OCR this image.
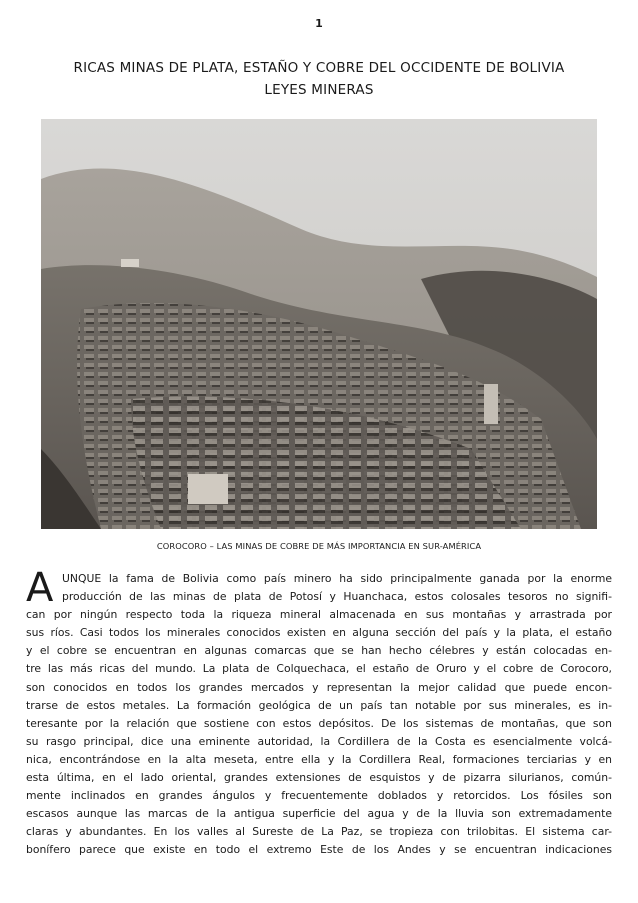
1
RICAS MINAS DE PLATA, ESTAÑO Y COBRE DEL OCCIDENTE DE BOLIVIA
LEYES MINERAS
COROCORO – LAS MINAS DE COBRE DE MÁS IMPORTANCIA EN SUR-AMÉRICA
A UNQUE la fama de Bolivia como país minero ha sido principalmente ganada por la enorme
producción de las minas de plata de Potosí y Huanchaca, estos colosales tesoros no signifi-
can por ningún respecto toda la riqueza mineral almacenada en sus montañas y arrastrada por
sus ríos. Casi todos los minerales conocidos existen en alguna sección del país y la plata, el estaño
y el cobre se encuentran en algunas comarcas que se han hecho célebres y están colocadas en-
tre las más ricas del mundo. La plata de Colquechaca, el estaño de Oruro y el cobre de Corocoro,
son conocidos en todos los grandes mercados y representan la mejor calidad que puede encon-
trarse de estos metales. La formación geológica de un país tan notable por sus minerales, es in-
teresante por la relación que sostiene con estos depósitos. De los sistemas de montañas, que son
su rasgo principal, dice una eminente autoridad, la Cordillera de la Costa es esencialmente volcá-
nica, encontrándose en la alta meseta, entre ella y la Cordillera Real, formaciones terciarias y en
esta última, en el lado oriental, grandes extensiones de esquistos y de pizarra silurianos, común-
mente inclinados en grandes ángulos y frecuentemente doblados y retorcidos. Los fósiles son
escasos aunque las marcas de la antigua superficie del agua y de la lluvia son extremadamente
claras y abundantes. En los valles al Sureste de La Paz, se tropieza con trilobitas. El sistema car-
bonífero parece que existe en todo el extremo Este de los Andes y se encuentran indicaciones
